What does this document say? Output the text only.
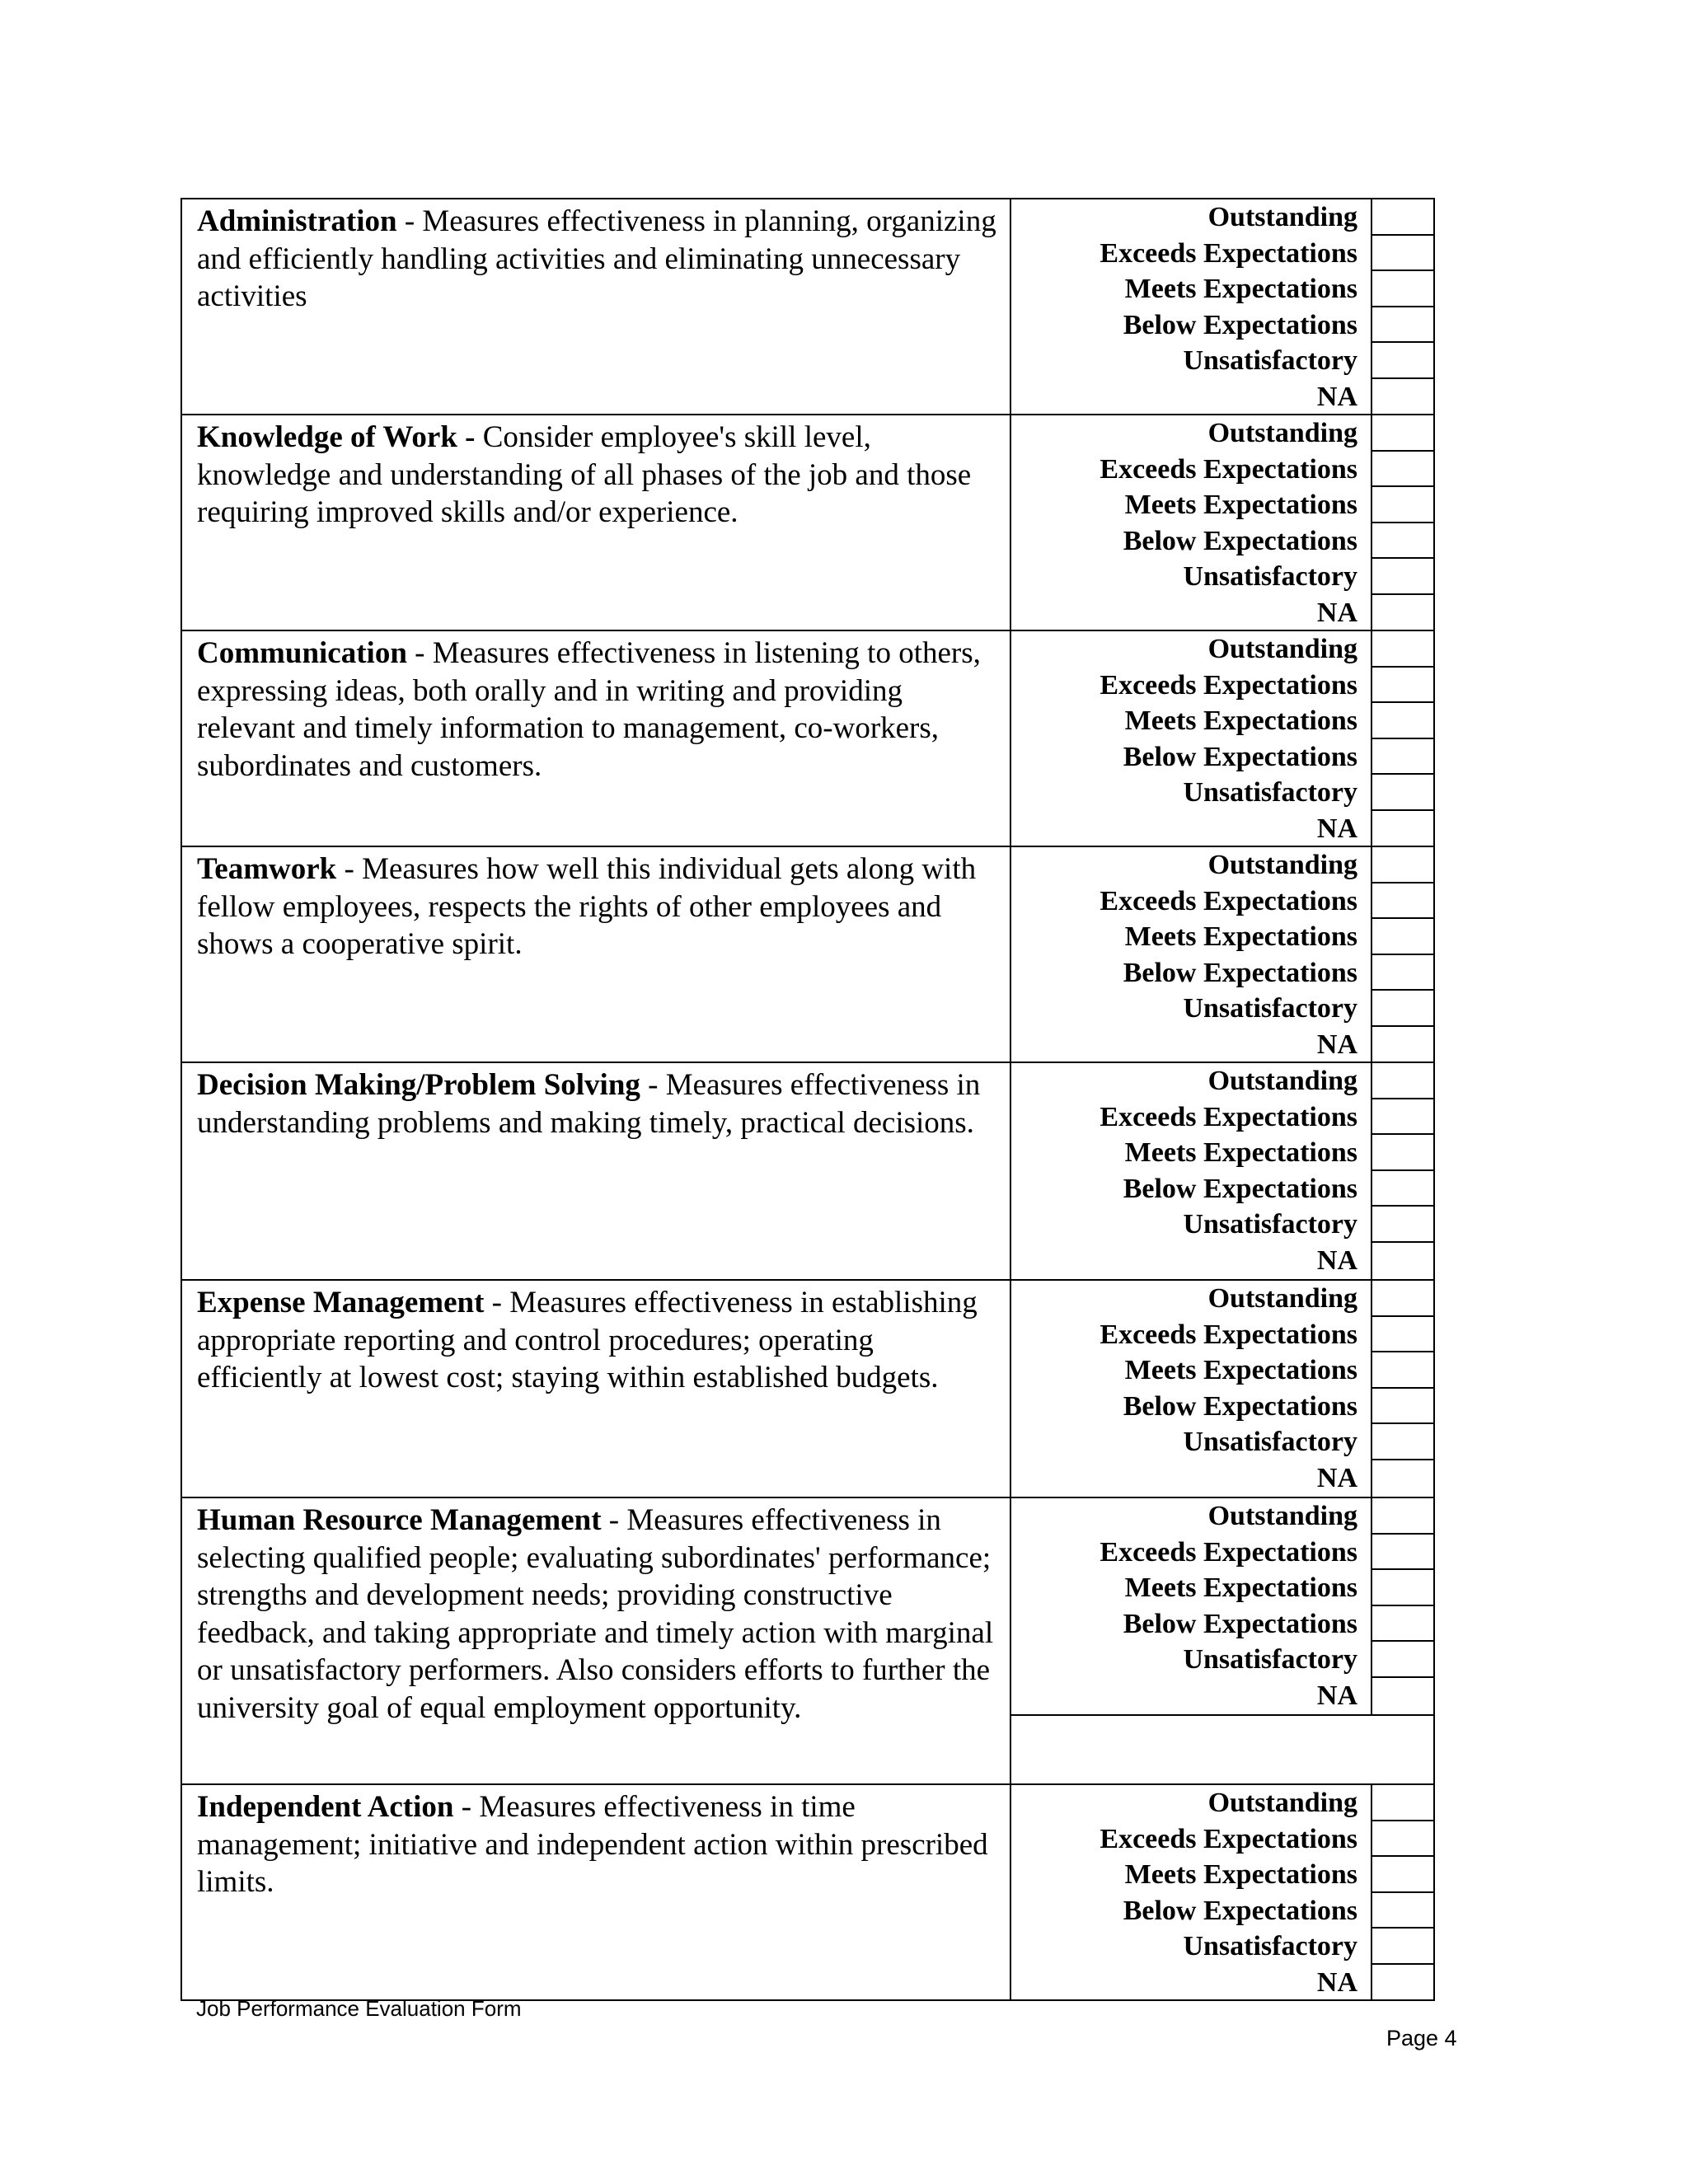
Administration - Measures effectiveness in planning, organizing and efficiently handling activities and eliminating unnecessary activities
Outstanding
Exceeds Expectations
Meets Expectations
Below Expectations
Unsatisfactory
NA
Knowledge of Work - Consider employee's skill level, knowledge and understanding of all phases of the job and those requiring improved skills and/or experience.
Outstanding
Exceeds Expectations
Meets Expectations
Below Expectations
Unsatisfactory
NA
Communication - Measures effectiveness in listening to others, expressing ideas, both orally and in writing and providing relevant and timely information to management, co-workers, subordinates and customers.
Outstanding
Exceeds Expectations
Meets Expectations
Below Expectations
Unsatisfactory
NA
Teamwork - Measures how well this individual gets along with fellow employees, respects the rights of other employees and shows a cooperative spirit.
Outstanding
Exceeds Expectations
Meets Expectations
Below Expectations
Unsatisfactory
NA
Decision Making/Problem Solving - Measures effectiveness in understanding problems and making timely, practical decisions.
Outstanding
Exceeds Expectations
Meets Expectations
Below Expectations
Unsatisfactory
NA
Expense Management - Measures effectiveness in establishing appropriate reporting and control procedures; operating efficiently at lowest cost; staying within established budgets.
Outstanding
Exceeds Expectations
Meets Expectations
Below Expectations
Unsatisfactory
NA
Human Resource Management - Measures effectiveness in selecting qualified people; evaluating subordinates' performance; strengths and development needs; providing constructive feedback, and taking appropriate and timely action with marginal or unsatisfactory performers. Also considers efforts to further the university goal of equal employment opportunity.
Outstanding
Exceeds Expectations
Meets Expectations
Below Expectations
Unsatisfactory
NA
Independent Action - Measures effectiveness in time management; initiative and independent action within prescribed limits.
Outstanding
Exceeds Expectations
Meets Expectations
Below Expectations
Unsatisfactory
NA
Job Performance Evaluation Form
Page 4
